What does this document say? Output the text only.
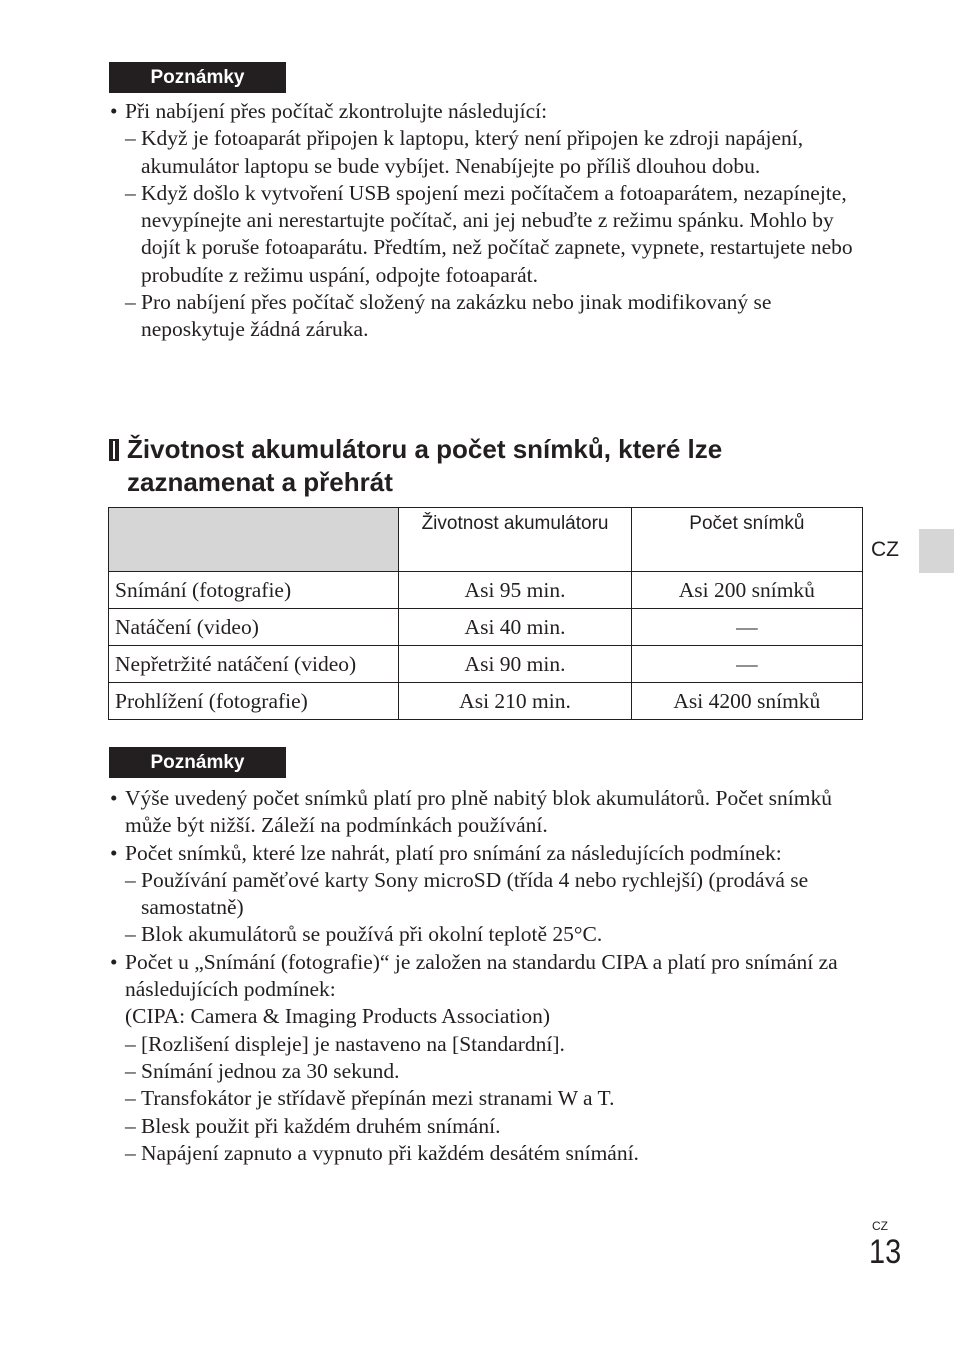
Poznámky
• Při nabíjení přes počítač zkontrolujte následující:
– Když je fotoaparát připojen k laptopu, který není připojen ke zdroji napájení, akumulátor laptopu se bude vybíjet. Nenabíjejte po příliš dlouhou dobu.
– Když došlo k vytvoření USB spojení mezi počítačem a fotoaparátem, nezapínejte, nevypínejte ani nerestartujte počítač, ani jej nebuďte z režimu spánku. Mohlo by dojít k poruše fotoaparátu. Předtím, než počítač zapnete, vypnete, restartujete nebo probudíte z režimu uspání, odpojte fotoaparát.
– Pro nabíjení přes počítač složený na zakázku nebo jinak modifikovaný se neposkytuje žádná záruka.
Životnost akumulátoru a počet snímků, které lze zaznamenat a přehrát
	Životnost akumulátoru	Počet snímků
Snímání (fotografie)	Asi 95 min.	Asi 200 snímků
Natáčení (video)	Asi 40 min.	—
Nepřetržité natáčení (video)	Asi 90 min.	—
Prohlížení (fotografie)	Asi 210 min.	Asi 4200 snímků
CZ
Poznámky
• Výše uvedený počet snímků platí pro plně nabitý blok akumulátorů. Počet snímků může být nižší. Záleží na podmínkách používání.
• Počet snímků, které lze nahrát, platí pro snímání za následujících podmínek:
– Používání paměťové karty Sony microSD (třída 4 nebo rychlejší) (prodává se samostatně)
– Blok akumulátorů se používá při okolní teplotě 25°C.
• Počet u „Snímání (fotografie)“ je založen na standardu CIPA a platí pro snímání za následujících podmínek:
(CIPA: Camera & Imaging Products Association)
– [Rozlišení displeje] je nastaveno na [Standardní].
– Snímání jednou za 30 sekund.
– Transfokátor je střídavě přepínán mezi stranami W a T.
– Blesk použit při každém druhém snímání.
– Napájení zapnuto a vypnuto při každém desátém snímání.
CZ
13
